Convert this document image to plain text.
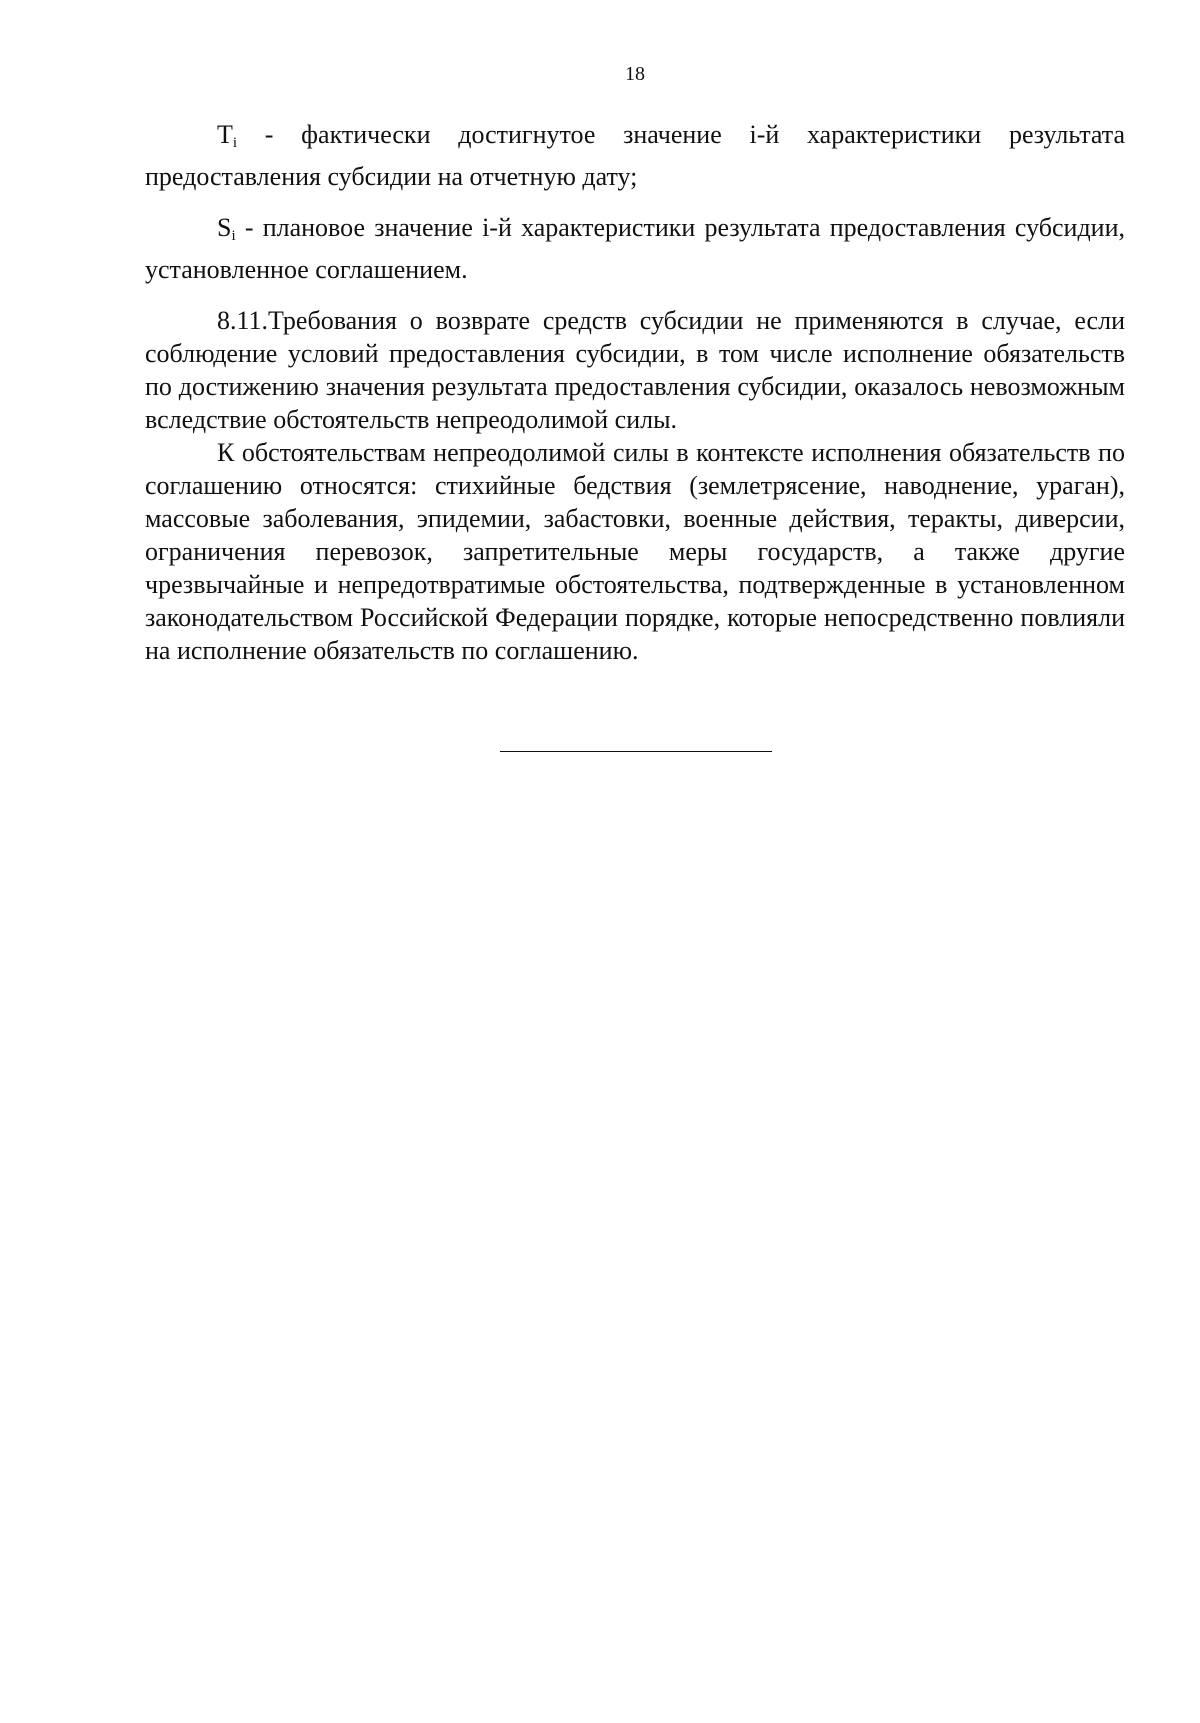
18

$T_i$ - фактически достигнутое значение i-й характеристики результата предоставления субсидии на отчетную дату;

$S_i$ - плановое значение i-й характеристики результата предоставления субсидии, установленное соглашением.

8.11.Требования о возврате средств субсидии не применяются в случае, если соблюдение условий предоставления субсидии, в том числе исполнение обязательств по достижению значения результата предоставления субсидии, оказалось невозможным вследствие обстоятельств непреодолимой силы.

К обстоятельствам непреодолимой силы в контексте исполнения обязательств по соглашению относятся: стихийные бедствия (землетрясение, наводнение, ураган), массовые заболевания, эпидемии, забастовки, военные действия, теракты, диверсии, ограничения перевозок, запретительные меры государств, а также другие чрезвычайные и непредотвратимые обстоятельства, подтвержденные в установленном законодательством Российской Федерации порядке, которые непосредственно повлияли на исполнение обязательств по соглашению.
